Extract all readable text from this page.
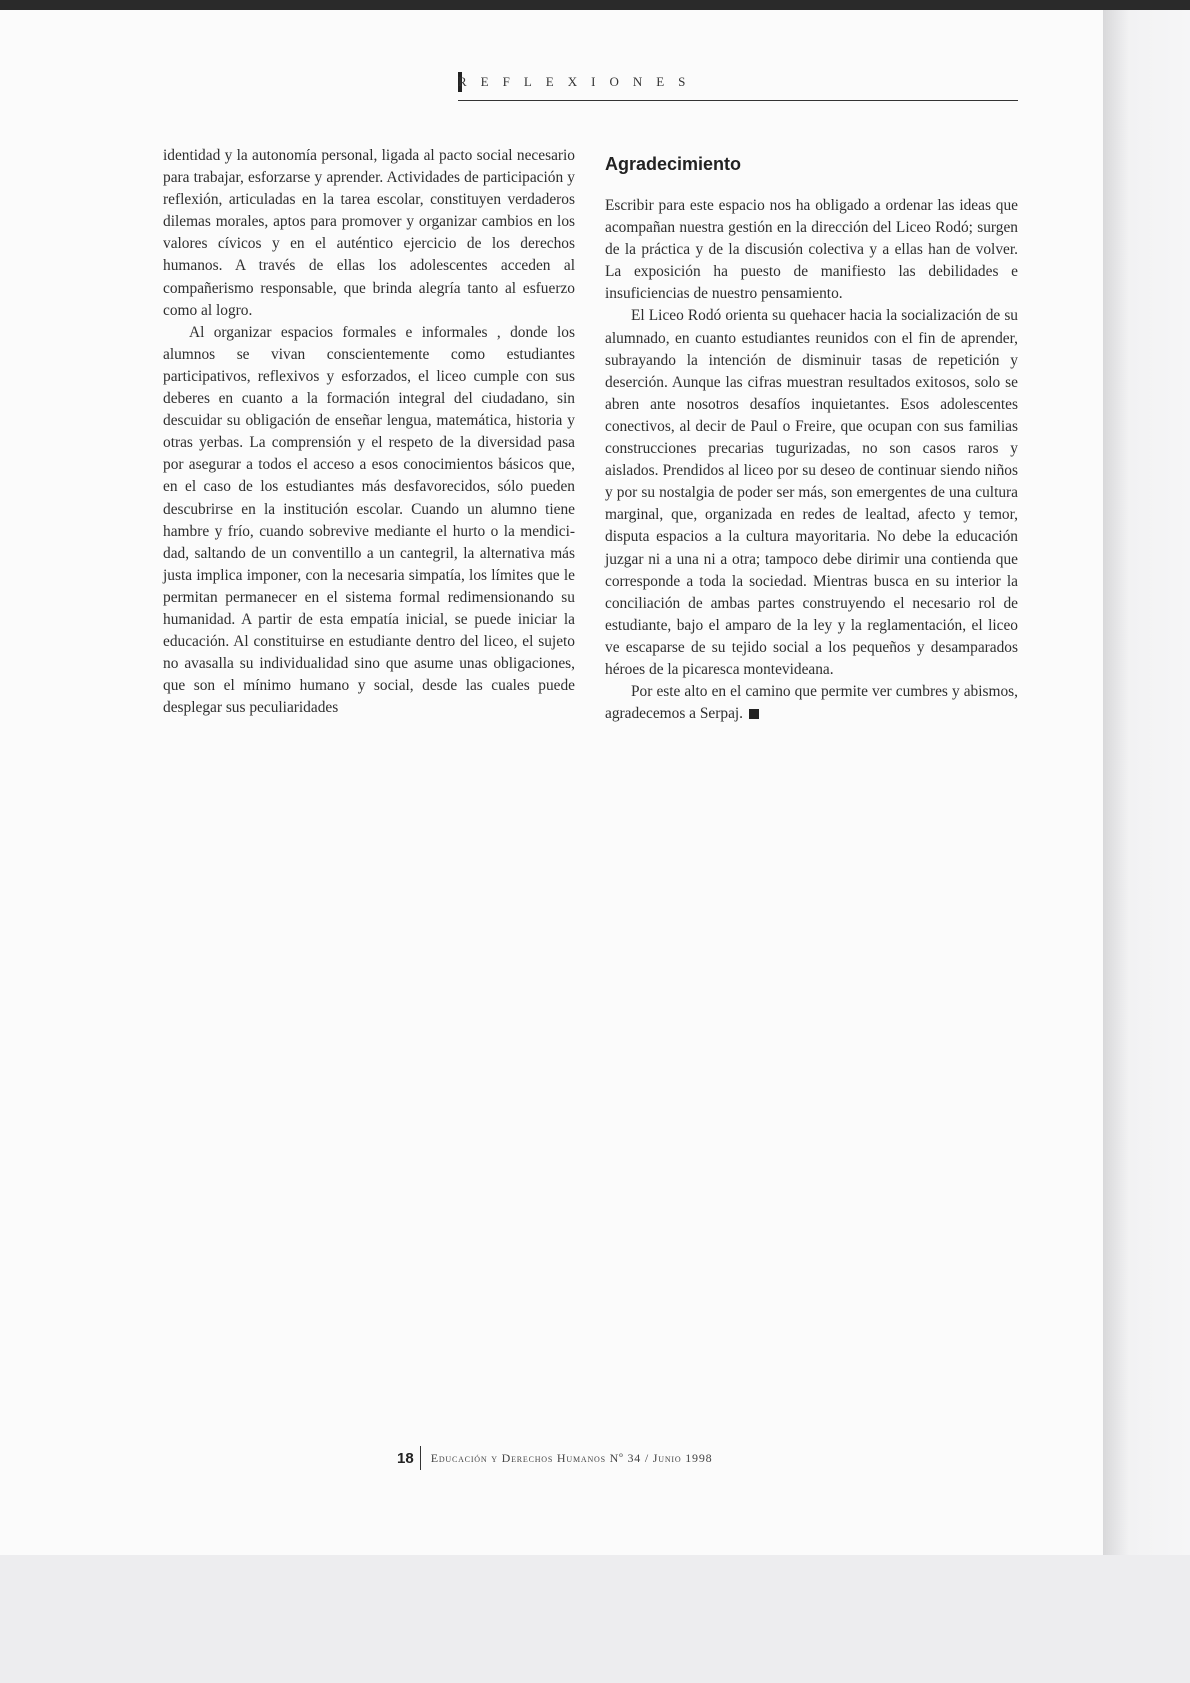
REFLEXIONES

identidad y la autonomía personal, ligada al pacto social necesario para trabajar, esforzarse y aprender. Actividades de participación y reflexión, articuladas en la tarea escolar, constituyen verdaderos dilemas morales, aptos para promover y organizar cambios en los valores cívicos y en el auténtico ejercicio de los derechos humanos. A través de ellas los adolescentes acceden al compañerismo responsable, que brinda alegría tanto al esfuerzo como al logro.

Al organizar espacios formales e informales , donde los alumnos se vivan conscientemente como estudiantes participativos, reflexivos y esforzados, el liceo cumple con sus deberes en cuanto a la formación integral del ciudadano, sin descuidar su obligación de enseñar lengua, matemática, historia y otras yerbas. La comprensión y el respeto de la diversidad pasa por asegurar a todos el acceso a esos conocimientos básicos que, en el caso de los estudiantes más desfavorecidos, sólo pueden descubrirse en la institución escolar. Cuando un alumno tiene hambre y frío, cuando sobrevive mediante el hurto o la mendicidad, saltando de un conventillo a un cantegril, la alternativa más justa implica imponer, con la necesaria simpatía, los límites que le permitan permanecer en el sistema formal redimensionando su humanidad. A partir de esta empatía inicial, se puede iniciar la educación. Al constituirse en estudiante dentro del liceo, el sujeto no avasalla su individualidad sino que asume unas obligaciones, que son el mínimo humano y social, desde las cuales puede desplegar sus peculiaridades

Agradecimiento

Escribir para este espacio nos ha obligado a ordenar las ideas que acompañan nuestra gestión en la dirección del Liceo Rodó; surgen de la práctica y de la discusión colectiva y a ellas han de volver. La exposición ha puesto de manifiesto las debilidades e insuficiencias de nuestro pensamiento.

El Liceo Rodó orienta su quehacer hacia la socialización de su alumnado, en cuanto estudiantes reunidos con el fin de aprender, subrayando la intención de disminuir tasas de repetición y deserción. Aunque las cifras muestran resultados exitosos, solo se abren ante nosotros desafíos inquietantes. Esos adolescentes conectivos, al decir de Paul o Freire, que ocupan con sus familias construcciones precarias tugurizadas, no son casos raros y aislados. Prendidos al liceo por su deseo de continuar siendo niños y por su nostalgia de poder ser más, son emergentes de una cultura marginal, que, organizada en redes de lealtad, afecto y temor, disputa espacios a la cultura mayoritaria. No debe la educación juzgar ni a una ni a otra; tampoco debe dirimir una contienda que corresponde a toda la sociedad. Mientras busca en su interior la conciliación de ambas partes construyendo el necesario rol de estudiante, bajo el amparo de la ley y la reglamentación, el liceo ve escaparse de su tejido social a los pequeños y desamparados héroes de la picaresca montevideana.

Por este alto en el camino que permite ver cumbres y abismos, agradecemos a Serpaj.

18 Educación y Derechos Humanos Nº 34 / Junio 1998
